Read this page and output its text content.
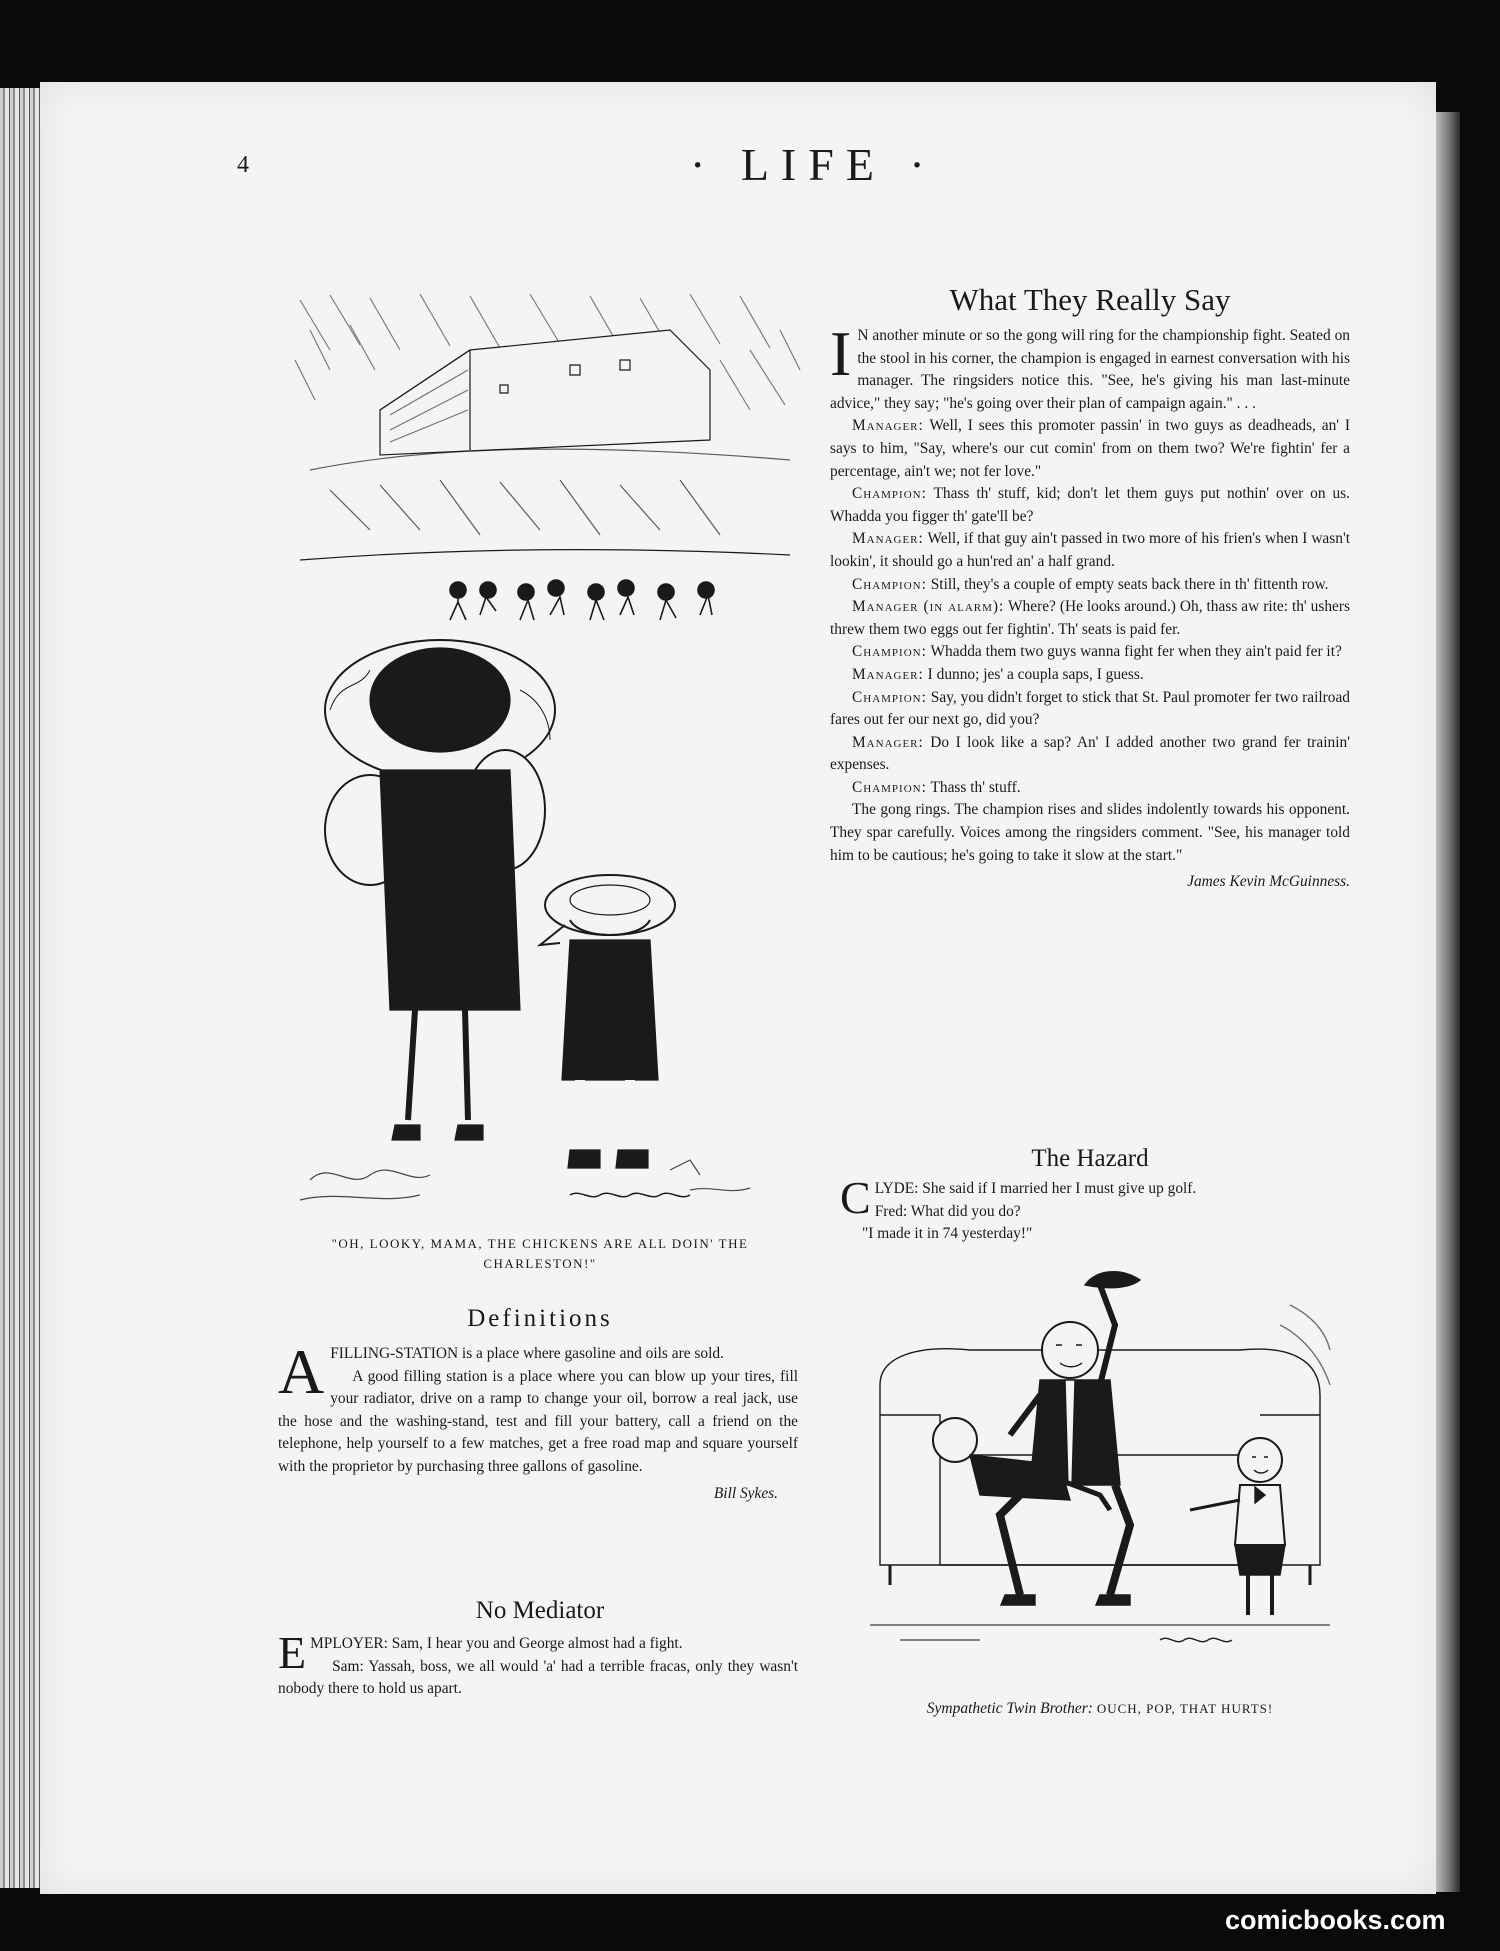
4	· LIFE ·
"OH, LOOKY, MAMA, THE CHICKENS ARE ALL DOIN' THE CHARLESTON!"
What They Really Say

I N another minute or so the gong will ring for the championship fight. Seated on the stool in his corner, the champion is engaged in earnest conversation with his manager. The ringsiders notice this. "See, he's giving his man last-minute advice," they say; "he's going over their plan of campaign again." . . .

Manager: Well, I sees this promoter passin' in two guys as deadheads, an' I says to him, "Say, where's our cut comin' from on them two? We're fightin' fer a percentage, ain't we; not fer love."

Champion: Thass th' stuff, kid; don't let them guys put nothin' over on us. Whadda you figger th' gate'll be?

Manager: Well, if that guy ain't passed in two more of his frien's when I wasn't lookin', it should go a hun'red an' a half grand.

Champion: Still, they's a couple of empty seats back there in th' fittenth row.

Manager (in alarm): Where? (He looks around.) Oh, thass aw rite: th' ushers threw them two eggs out fer fightin'. Th' seats is paid fer.

Champion: Whadda them two guys wanna fight fer when they ain't paid fer it?

Manager: I dunno; jes' a coupla saps, I guess.

Champion: Say, you didn't forget to stick that St. Paul promoter fer two railroad fares out fer our next go, did you?

Manager: Do I look like a sap? An' I added another two grand fer trainin' expenses.

Champion: Thass th' stuff.

The gong rings. The champion rises and slides indolently towards his opponent. They spar carefully. Voices among the ringsiders comment. "See, his manager told him to be cautious; he's going to take it slow at the start."

James Kevin McGuinness.
The Hazard

CLYDE: She said if I married her I must give up golf.

Fred: What did you do?

"I made it in 74 yesterday!"

Sympathetic Twin Brother: OUCH, POP, THAT HURTS!
Definitions

AFILLING-STATION is a place where gasoline and oils are sold.

A good filling station is a place where you can blow up your tires, fill your radiator, drive on a ramp to change your oil, borrow a real jack, use the hose and the washing-stand, test and fill your battery, call a friend on the telephone, help yourself to a few matches, get a free road map and square yourself with the proprietor by purchasing three gallons of gasoline.

Bill Sykes.
No Mediator

EMPLOYER: Sam, I hear you and George almost had a fight.

Sam: Yassah, boss, we all would 'a' had a terrible fracas, only they wasn't nobody there to hold us apart.

comicbooks.com
